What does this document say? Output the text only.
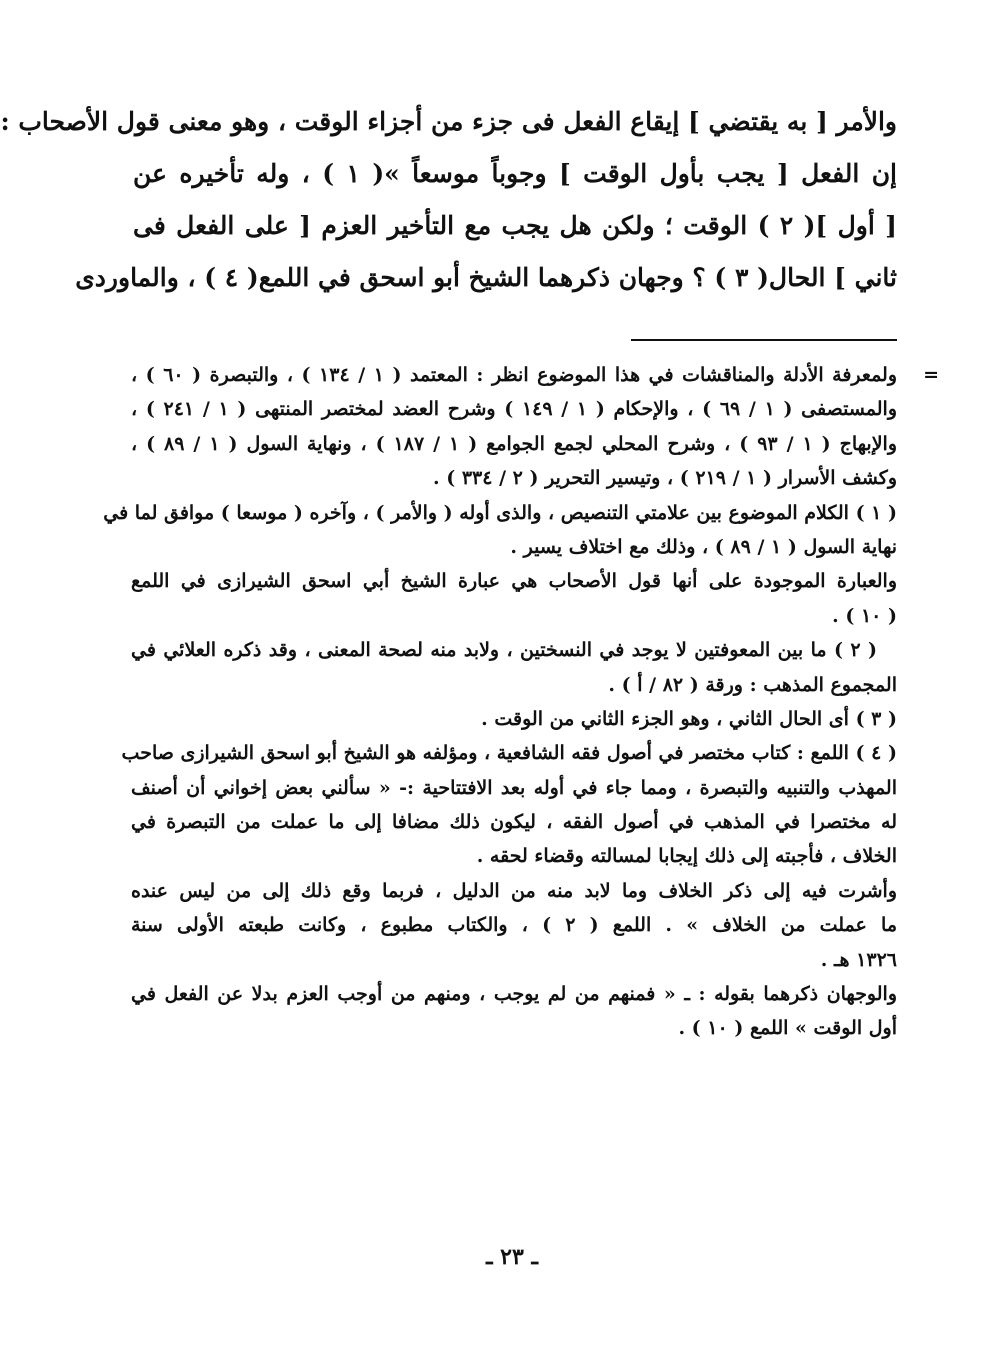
والأمر [ به يقتضي ] إيقاع الفعل فى جزء من أجزاء الوقت ، وهو معنى قول الأصحاب :
إن الفعل [ يجب بأول الوقت ] وجوباً موسعاً »( ١ ) ، وله تأخيره عن
[ أول ]( ٢ ) الوقت ؛ ولكن هل يجب مع التأخير العزم [ على الفعل فى
ثاني ] الحال( ٣ ) ؟ وجهان ذكرهما الشيخ أبو اسحق في اللمع( ٤ ) ، والماوردى
=
ولمعرفة الأدلة والمناقشات في هذا الموضوع انظر : المعتمد ( ١ / ١٣٤ ) ، والتبصرة ( ٦٠ ) ،
والمستصفى ( ١ / ٦٩ ) ، والإحكام ( ١ / ١٤٩ ) وشرح العضد لمختصر المنتهى ( ١ / ٢٤١ ) ،
والإبهاج ( ١ / ٩٣ ) ، وشرح المحلي لجمع الجوامع ( ١ / ١٨٧ ) ، ونهاية السول ( ١ / ٨٩ ) ،
وكشف الأسرار ( ١ / ٢١٩ ) ، وتيسير التحرير ( ٢ / ٣٣٤ ) .
( ١ ) الكلام الموضوع بين علامتي التنصيص ، والذى أوله ( والأمر ) ، وآخره ( موسعا ) موافق لما في
نهاية السول ( ١ / ٨٩ ) ، وذلك مع اختلاف يسير .
والعبارة الموجودة على أنها قول الأصحاب هي عبارة الشيخ أبي اسحق الشيرازى في اللمع
( ١٠ ) .
( ٢ ) ما بين المعوفتين لا يوجد في النسختين ، ولابد منه لصحة المعنى ، وقد ذكره العلائي في
المجموع المذهب : ورقة ( ٨٢ / أ ) .
( ٣ ) أى الحال الثاني ، وهو الجزء الثاني من الوقت .
( ٤ ) اللمع : كتاب مختصر في أصول فقه الشافعية ، ومؤلفه هو الشيخ أبو اسحق الشيرازى صاحب
المهذب والتنبيه والتبصرة ، ومما جاء في أوله بعد الافتتاحية :- « سألني بعض إخواني أن أصنف
له مختصرا في المذهب في أصول الفقه ، ليكون ذلك مضافا إلى ما عملت من التبصرة في
الخلاف ، فأجبته إلى ذلك إيجابا لمسالته وقضاء لحقه .
وأشرت فيه إلى ذكر الخلاف وما لابد منه من الدليل ، فربما وقع ذلك إلى من ليس عنده
ما عملت من الخلاف » . اللمع ( ٢ ) ، والكتاب مطبوع ، وكانت طبعته الأولى سنة
١٣٢٦ هـ .
والوجهان ذكرهما بقوله : ـ « فمنهم من لم يوجب ، ومنهم من أوجب العزم بدلا عن الفعل في
أول الوقت » اللمع ( ١٠ ) .
ـ ٢٣ ـ
